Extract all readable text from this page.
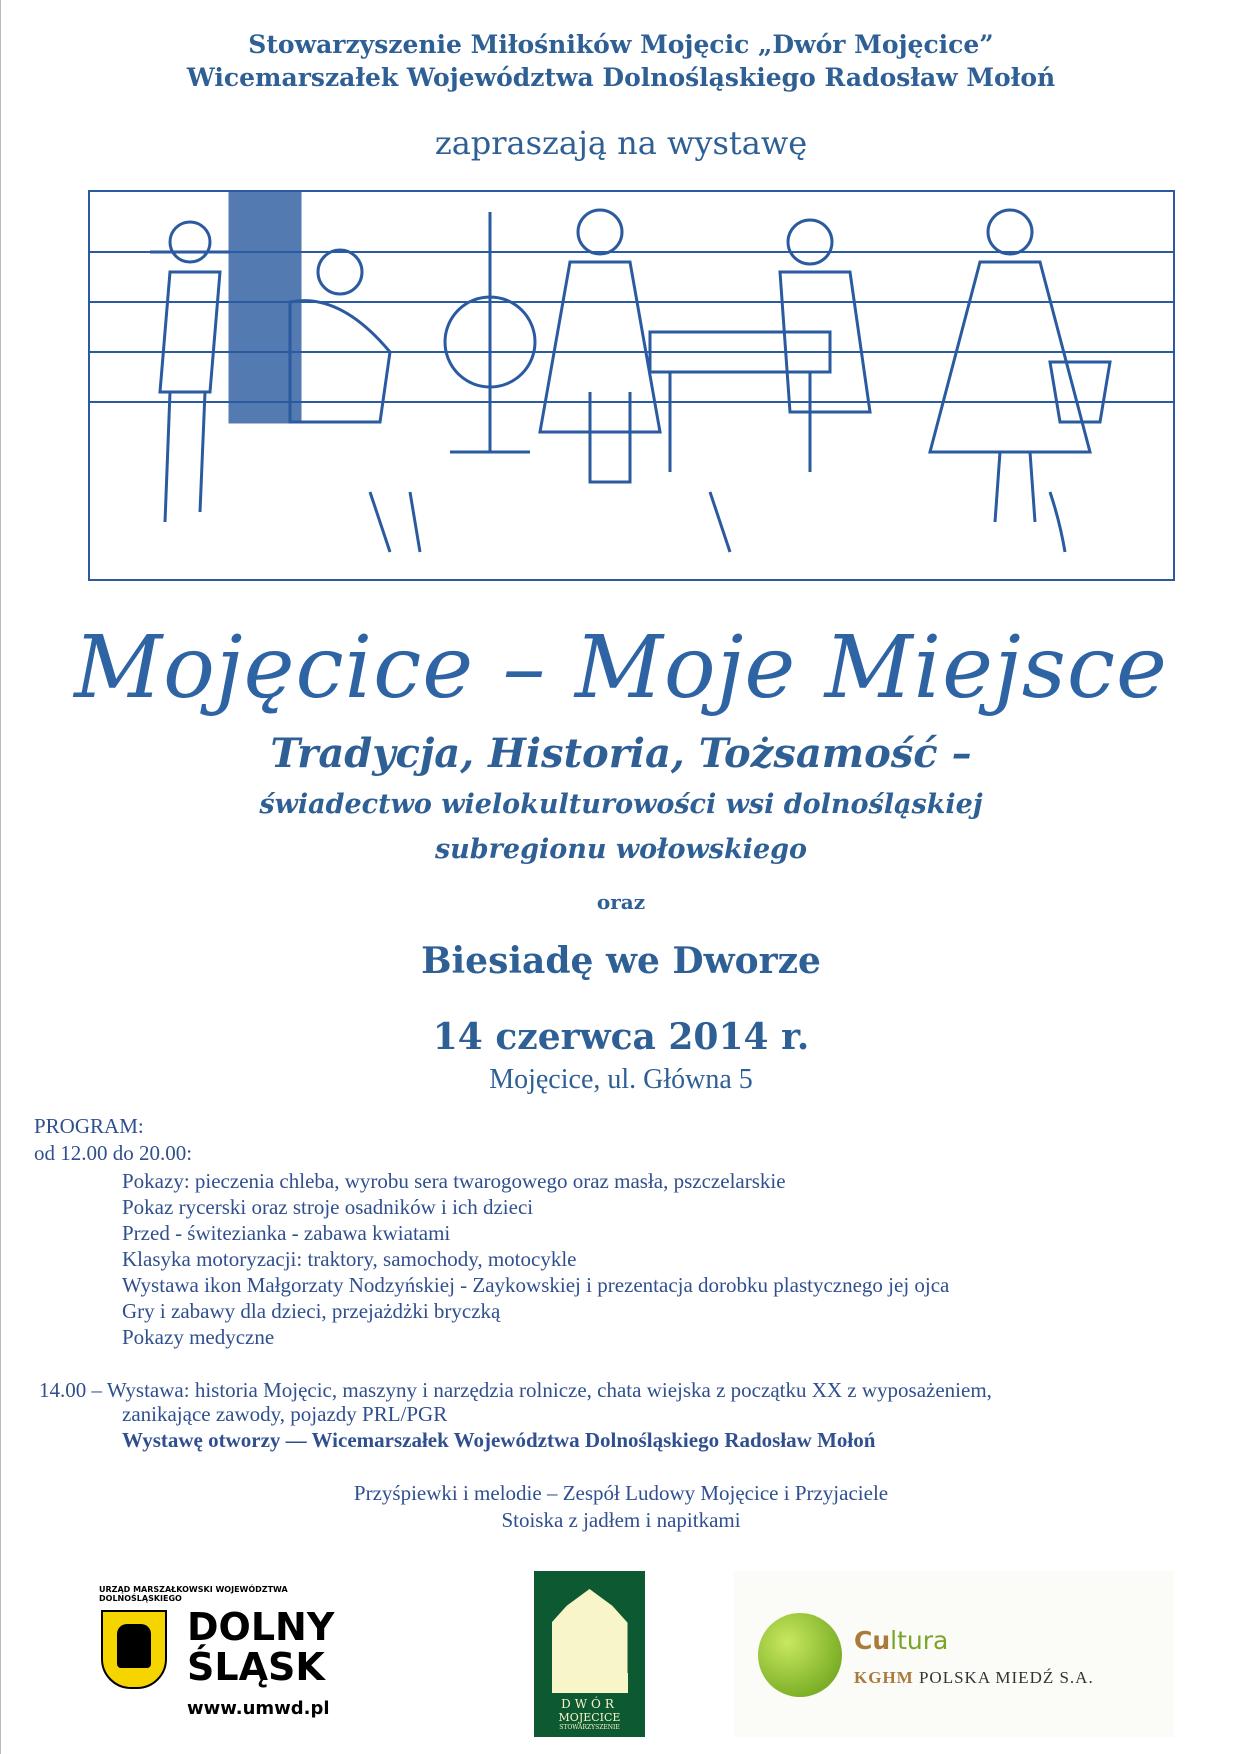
Stowarzyszenie Miłośników Mojęcic „Dwór Mojęcice”
Wicemarszałek Województwa Dolnośląskiego Radosław Mołoń
zapraszają na wystawę
Mojęcice – Moje Miejsce
Tradycja, Historia, Tożsamość –
świadectwo wielokulturowości wsi dolnośląskiej
subregionu wołowskiego
oraz
Biesiadę we Dworze
14 czerwca 2014 r.
Mojęcice, ul. Główna 5
PROGRAM:
od 12.00 do 20.00:
Pokazy: pieczenia chleba, wyrobu sera twarogowego oraz masła, pszczelarskie
Pokaz rycerski oraz stroje osadników i ich dzieci
Przed - świtezianka - zabawa kwiatami
Klasyka motoryzacji: traktory, samochody, motocykle
Wystawa ikon Małgorzaty Nodzyńskiej - Zaykowskiej i prezentacja dorobku plastycznego jej ojca
Gry i zabawy dla dzieci, przejażdżki bryczką
Pokazy medyczne
14.00 – Wystawa: historia Mojęcic, maszyny i narzędzia rolnicze, chata wiejska z początku XX z wyposażeniem,
zanikające zawody, pojazdy PRL/PGR
Wystawę otworzy — Wicemarszałek Województwa Dolnośląskiego Radosław Mołoń
Przyśpiewki i melodie – Zespół Ludowy Mojęcice i Przyjaciele
Stoiska z jadłem i napitkami
URZĄD MARSZAŁKOWSKI WOJEWÓDZTWA DOLNOŚLĄSKIEGO
DOLNY
ŚLĄSK
www.umwd.pl	DWÓR
MOJECICE
STOWARZYSZENIE
Cultura
KGHM POLSKA MIEDŹ S.A.
